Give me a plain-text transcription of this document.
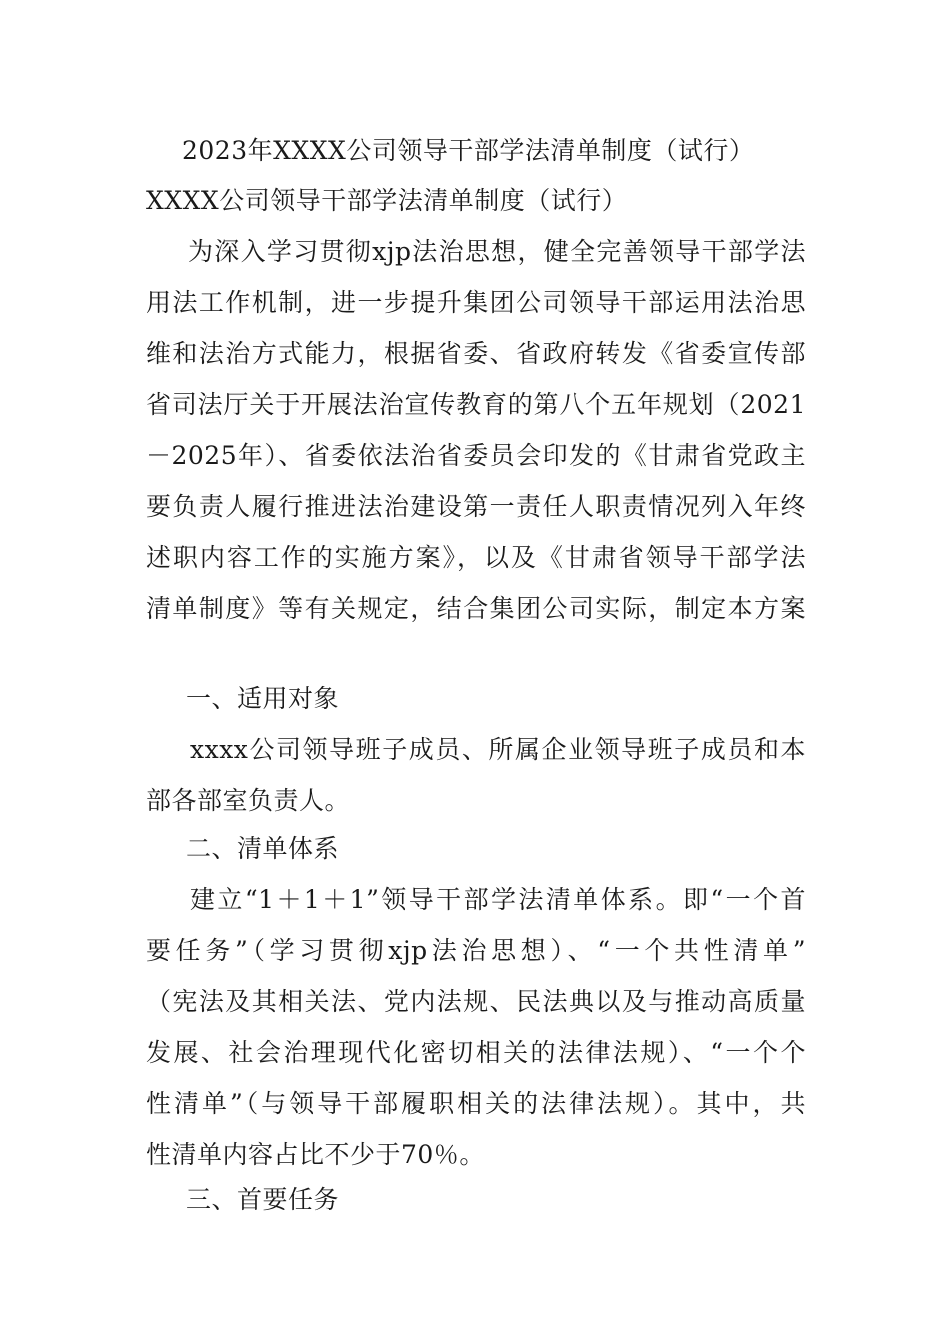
2023年XXXX公司领导干部学法清单制度（试行）
XXXX公司领导干部学法清单制度（试行）
为深入学习贯彻xjp法治思想，健全完善领导干部学法
用法工作机制，进一步提升集团公司领导干部运用法治思
维和法治方式能力，根据省委、省政府转发《省委宣传部
省司法厅关于开展法治宣传教育的第八个五年规划（2021
－2025年）、省委依法治省委员会印发的《甘肃省党政主
要负责人履行推进法治建设第一责任人职责情况列入年终
述职内容工作的实施方案》，以及《甘肃省领导干部学法
清单制度》等有关规定，结合集团公司实际，制定本方案
一、适用对象
xxxx公司领导班子成员、所属企业领导班子成员和本
部各部室负责人。
二、清单体系
建立“1＋1＋1”领导干部学法清单体系。即“一个首
要任务”（学习贯彻xjp法治思想）、“一个共性清单”
（宪法及其相关法、党内法规、民法典以及与推动高质量
发展、社会治理现代化密切相关的法律法规）、“一个个
性清单”（与领导干部履职相关的法律法规）。其中，共
性清单内容占比不少于70％。
三、首要任务
